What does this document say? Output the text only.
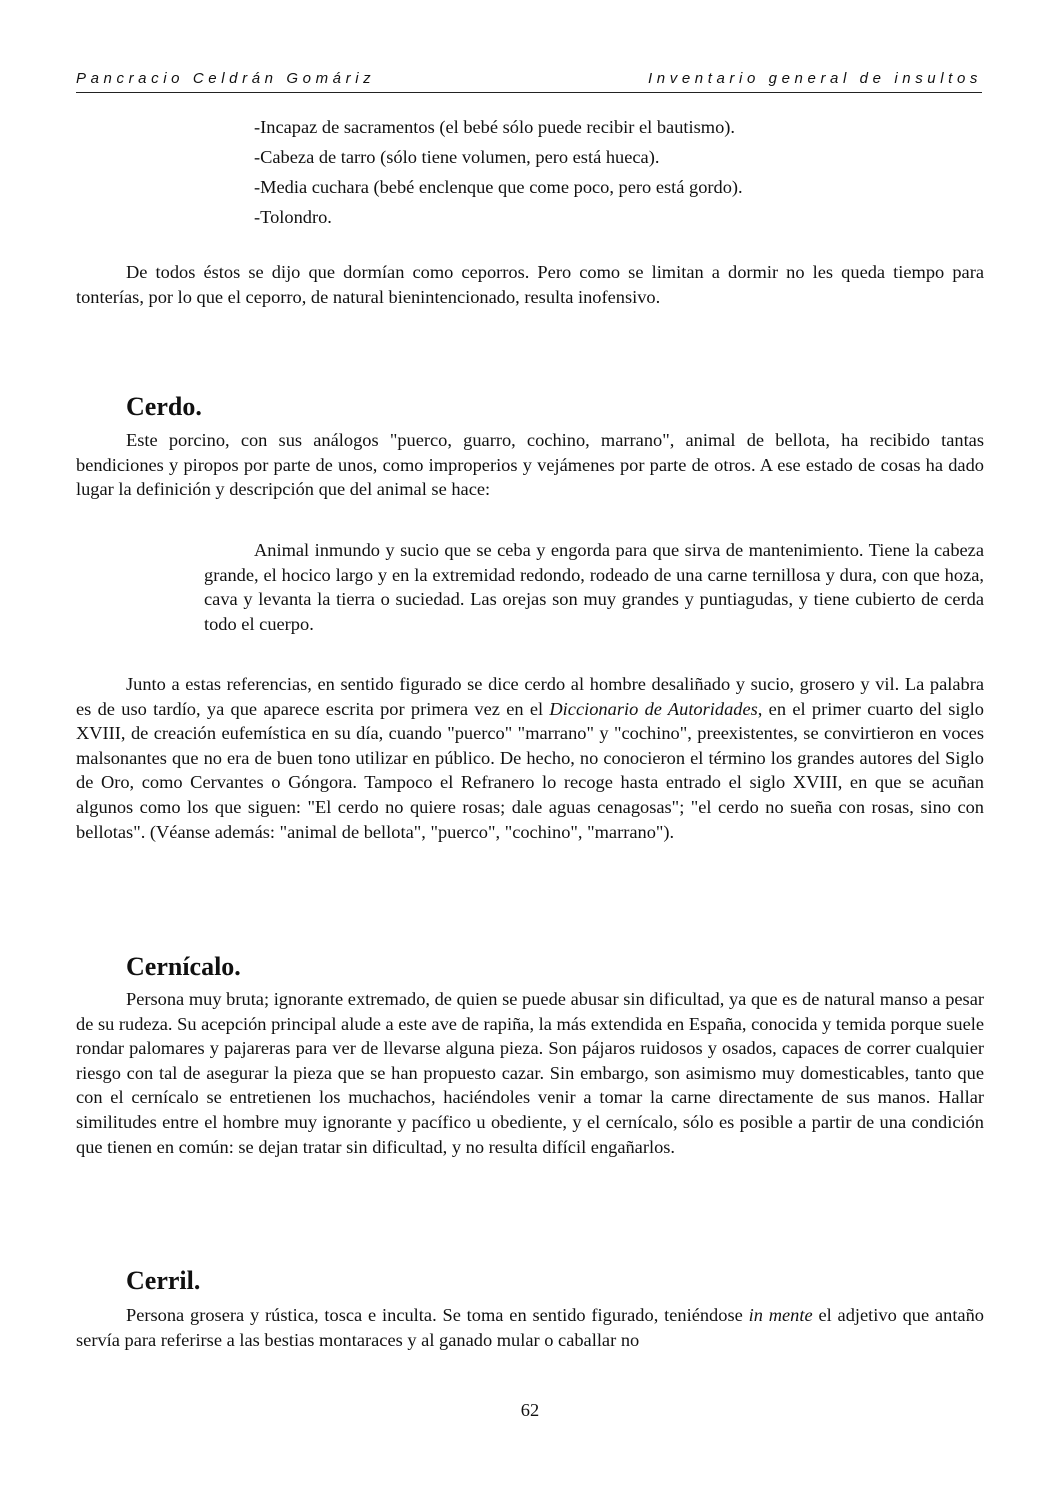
Pancracio Celdrán Gomáriz	Inventario general de insultos
-Incapaz de sacramentos (el bebé sólo puede recibir el bautismo).
-Cabeza de tarro (sólo tiene volumen, pero está hueca).
-Media cuchara (bebé enclenque que come poco, pero está gordo).
-Tolondro.

De todos éstos se dijo que dormían como ceporros. Pero como se limitan a dormir no les queda tiempo para tonterías, por lo que el ceporro, de natural bienintencionado, resulta inofensivo.

Cerdo.

Este porcino, con sus análogos "puerco, guarro, cochino, marrano", animal de bellota, ha recibido tantas bendiciones y piropos por parte de unos, como improperios y vejámenes por parte de otros. A ese estado de cosas ha dado lugar la definición y descripción que del animal se hace:

Animal inmundo y sucio que se ceba y engorda para que sirva de mantenimiento. Tiene la cabeza grande, el hocico largo y en la extremidad redondo, rodeado de una carne ternillosa y dura, con que hoza, cava y levanta la tierra o suciedad. Las orejas son muy grandes y puntiagudas, y tiene cubierto de cerda todo el cuerpo.

Junto a estas referencias, en sentido figurado se dice cerdo al hombre desaliñado y sucio, grosero y vil. La palabra es de uso tardío, ya que aparece escrita por primera vez en el Diccionario de Autoridades, en el primer cuarto del siglo XVIII, de creación eufemística en su día, cuando "puerco" "marrano" y "cochino", preexistentes, se convirtieron en voces malsonantes que no era de buen tono utilizar en público. De hecho, no conocieron el término los grandes autores del Siglo de Oro, como Cervantes o Góngora. Tampoco el Refranero lo recoge hasta entrado el siglo XVIII, en que se acuñan algunos como los que siguen: "El cerdo no quiere rosas; dale aguas cenagosas"; "el cerdo no sueña con rosas, sino con bellotas". (Véanse además: "animal de bellota", "puerco", "cochino", "marrano").

Cernícalo.

Persona muy bruta; ignorante extremado, de quien se puede abusar sin dificultad, ya que es de natural manso a pesar de su rudeza. Su acepción principal alude a este ave de rapiña, la más extendida en España, conocida y temida porque suele rondar palomares y pajareras para ver de llevarse alguna pieza. Son pájaros ruidosos y osados, capaces de correr cualquier riesgo con tal de asegurar la pieza que se han propuesto cazar. Sin embargo, son asimismo muy domesticables, tanto que con el cernícalo se entretienen los muchachos, haciéndoles venir a tomar la carne directamente de sus manos. Hallar similitudes entre el hombre muy ignorante y pacífico u obediente, y el cernícalo, sólo es posible a partir de una condición que tienen en común: se dejan tratar sin dificultad, y no resulta difícil engañarlos.

Cerril.

Persona grosera y rústica, tosca e inculta. Se toma en sentido figurado, teniéndose in mente el adjetivo que antaño servía para referirse a las bestias montaraces y al ganado mular o caballar no

62
